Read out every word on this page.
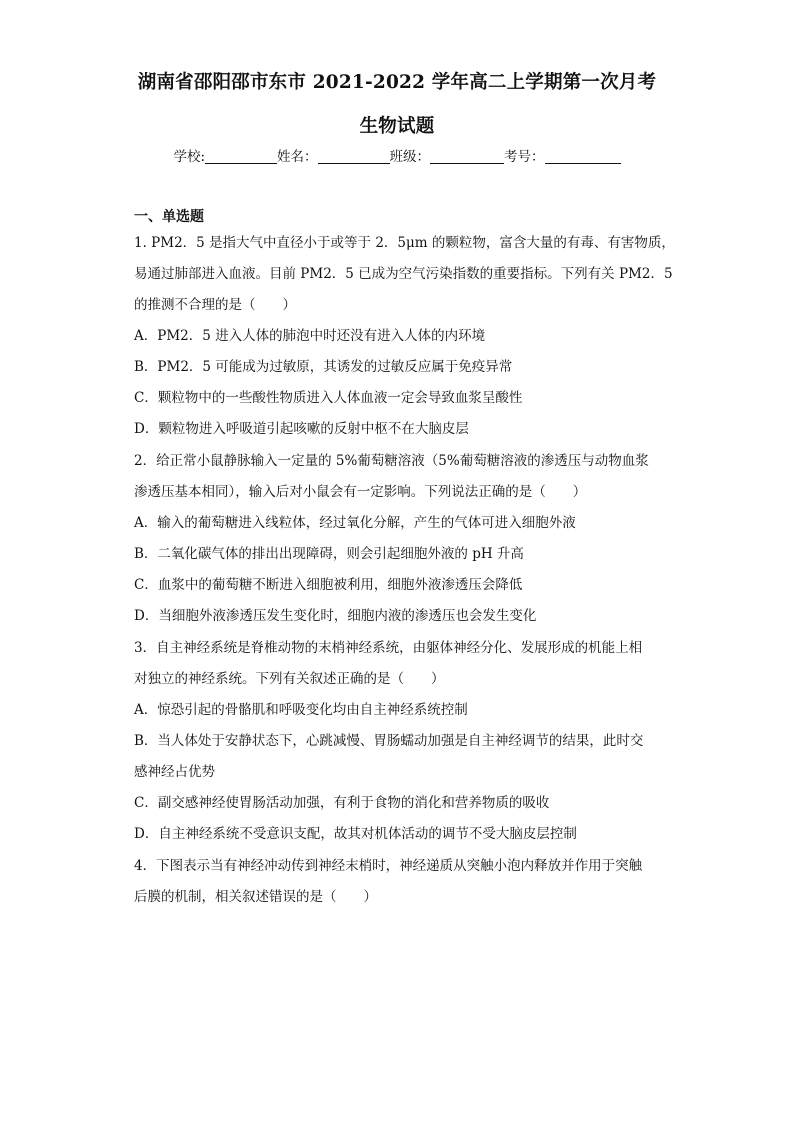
湖南省邵阳邵市东市 2021-2022 学年高二上学期第一次月考
生物试题
学校:	姓名：	班级：	考号：
一、单选题
1. PM2．5 是指大气中直径小于或等于 2．5μm 的颗粒物，富含大量的有毒、有害物质，
易通过肺部进入血液。目前 PM2．5 已成为空气污染指数的重要指标。下列有关 PM2．5
的推测不合理的是（　　）
A．PM2．5 进入人体的肺泡中时还没有进入人体的内环境
B．PM2．5 可能成为过敏原，其诱发的过敏反应属于免疫异常
C．颗粒物中的一些酸性物质进入人体血液一定会导致血浆呈酸性
D．颗粒物进入呼吸道引起咳嗽的反射中枢不在大脑皮层
2．给正常小鼠静脉输入一定量的 5%葡萄糖溶液（5%葡萄糖溶液的渗透压与动物血浆
渗透压基本相同），输入后对小鼠会有一定影响。下列说法正确的是（　　）
A．输入的葡萄糖进入线粒体，经过氧化分解，产生的气体可进入细胞外液
B．二氧化碳气体的排出出现障碍，则会引起细胞外液的 pH 升高
C．血浆中的葡萄糖不断进入细胞被利用，细胞外液渗透压会降低
D．当细胞外液渗透压发生变化时，细胞内液的渗透压也会发生变化
3．自主神经系统是脊椎动物的末梢神经系统，由躯体神经分化、发展形成的机能上相
对独立的神经系统。下列有关叙述正确的是（　　）
A．惊恐引起的骨骼肌和呼吸变化均由自主神经系统控制
B．当人体处于安静状态下，心跳减慢、胃肠蠕动加强是自主神经调节的结果，此时交
感神经占优势
C．副交感神经使胃肠活动加强，有利于食物的消化和营养物质的吸收
D．自主神经系统不受意识支配，故其对机体活动的调节不受大脑皮层控制
4．下图表示当有神经冲动传到神经末梢时，神经递质从突触小泡内释放并作用于突触
后膜的机制，相关叙述错误的是（　　）
